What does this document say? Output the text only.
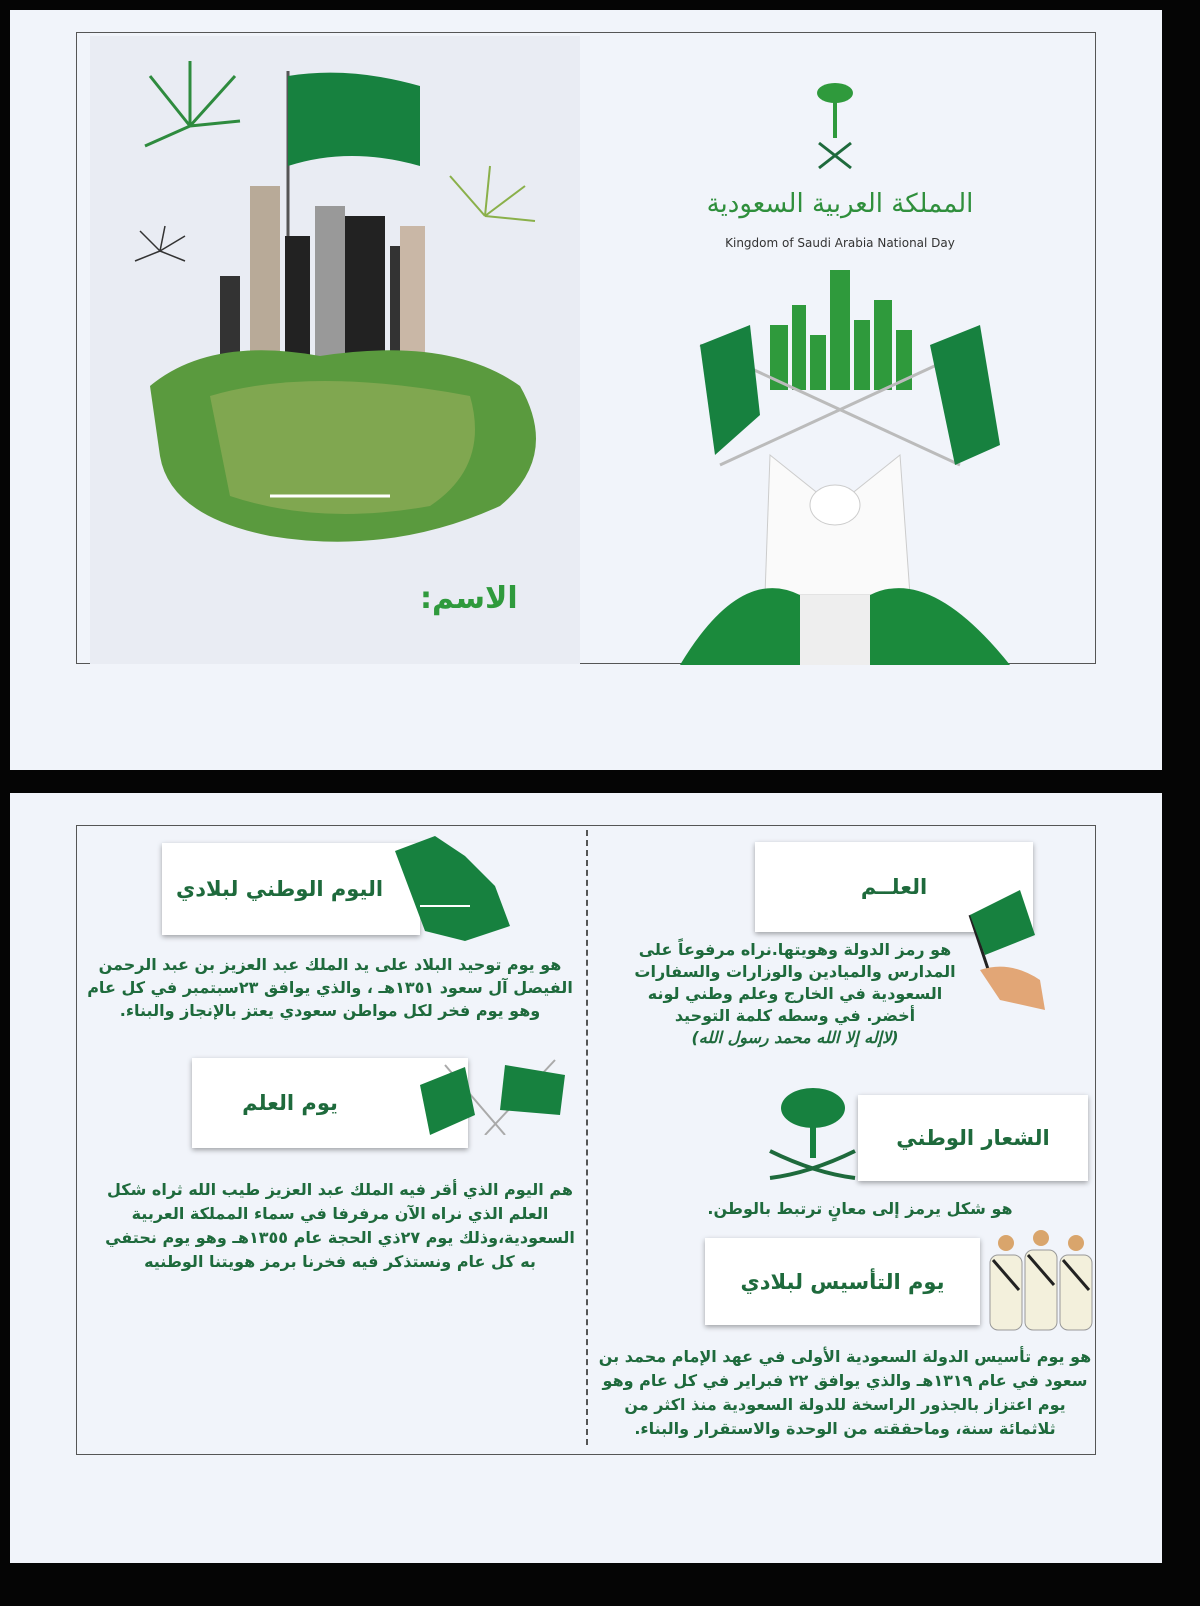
الاسم:
المملكة العربية السعودية
Kingdom of Saudi Arabia National Day
اليوم الوطني لبلادي
هو يوم توحيد البلاد على يد الملك عبد العزيز بن عبد الرحمن الفيصل آل سعود ١٣٥١هـ ، والذي يوافق ٢٣سبتمبر في كل عام وهو يوم فخر لكل مواطن سعودي يعتز بالإنجاز والبناء.
يوم العلم
هم اليوم الذي أقر فيه الملك عبد العزيز طيب الله ثراه شكل العلم الذي نراه الآن مرفرفا في سماء المملكة العربية السعودية،وذلك يوم ٢٧ذي الحجة عام ١٣٥٥هـ وهو يوم نحتفي به كل عام ونستذكر فيه فخرنا برمز هويتنا الوطنيه
العلــم
هو رمز الدولة وهويتها.نراه مرفوعاً على المدارس والميادين والوزارات والسفارات السعودية في الخارج وعلم وطني لونه أخضر. في وسطه كلمة التوحيد
(لاإله إلا الله محمد رسول الله)
الشعار الوطني
هو شكل يرمز إلى معانٍ ترتبط بالوطن.
يوم التأسيس لبلادي
هو يوم تأسيس الدولة السعودية الأولى في عهد الإمام محمد بن سعود في عام ١٣١٩هـ والذي يوافق ٢٢ فبراير في كل عام وهو يوم اعتزاز بالجذور الراسخة للدولة السعودية منذ اكثر من ثلاثمائة سنة، وماحققته من الوحدة والاستقرار والبناء.
